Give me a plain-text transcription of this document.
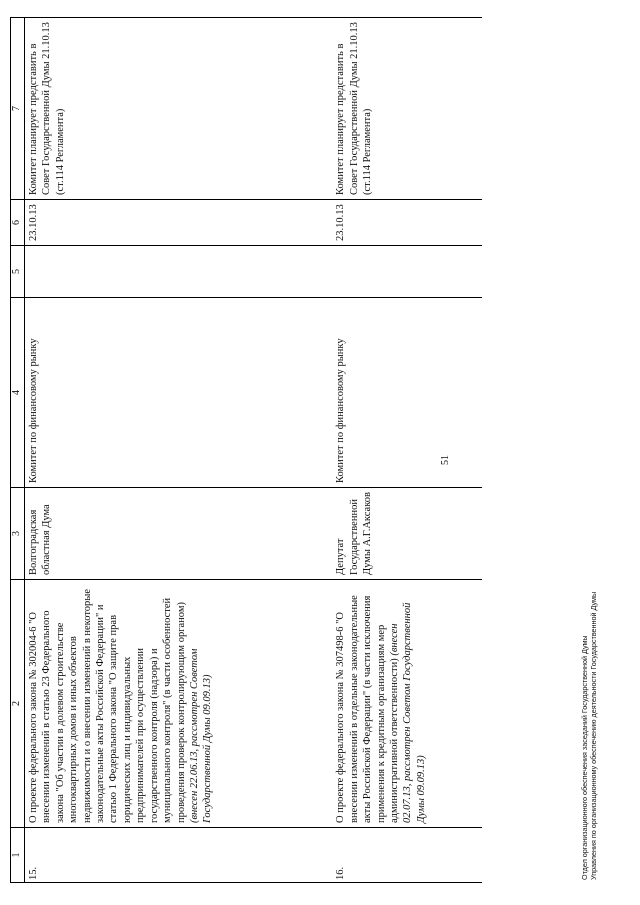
51
1	2	3	4	5	6	7
15.	О проекте федерального закона № 302004-6 "О внесении изменений в статью 23 Федерального закона "Об участии в долевом строительстве многоквартирных домов и иных объектов недвижимости и о внесении изменений в некоторые законодательные акты Российской Федерации" и статью 1 Федерального закона "О защите прав юридических лиц и индивидуальных предпринимателей при осуществлении государственного контроля (надзора) и муниципального контроля" (в части особенностей проведения проверок контролирующим органом) (внесен 22.06.13, рассмотрен Советом Государственной Думы 09.09.13)	Волгоградская областная Дума	Комитет по финансовому рынку		23.10.13	Комитет планирует представить в Совет Государственной Думы 21.10.13 (ст.114 Регламента)
16.	О проекте федерального закона № 307498-6 "О внесении изменений в отдельные законодательные акты Российской Федерации" (в части исключения применения к кредитным организациям мер административной ответственности) (внесен 02.07.13, рассмотрен Советом Государственной Думы 09.09.13)	Депутат Государственной Думы А.Г.Аксаков	Комитет по финансовому рынку		23.10.13	Комитет планирует представить в Совет Государственной Думы 21.10.13 (ст.114 Регламента)
Отдел организационного обеспечения заседаний Государственной Думы Управления по организационному обеспечению деятельности Государственной Думы
